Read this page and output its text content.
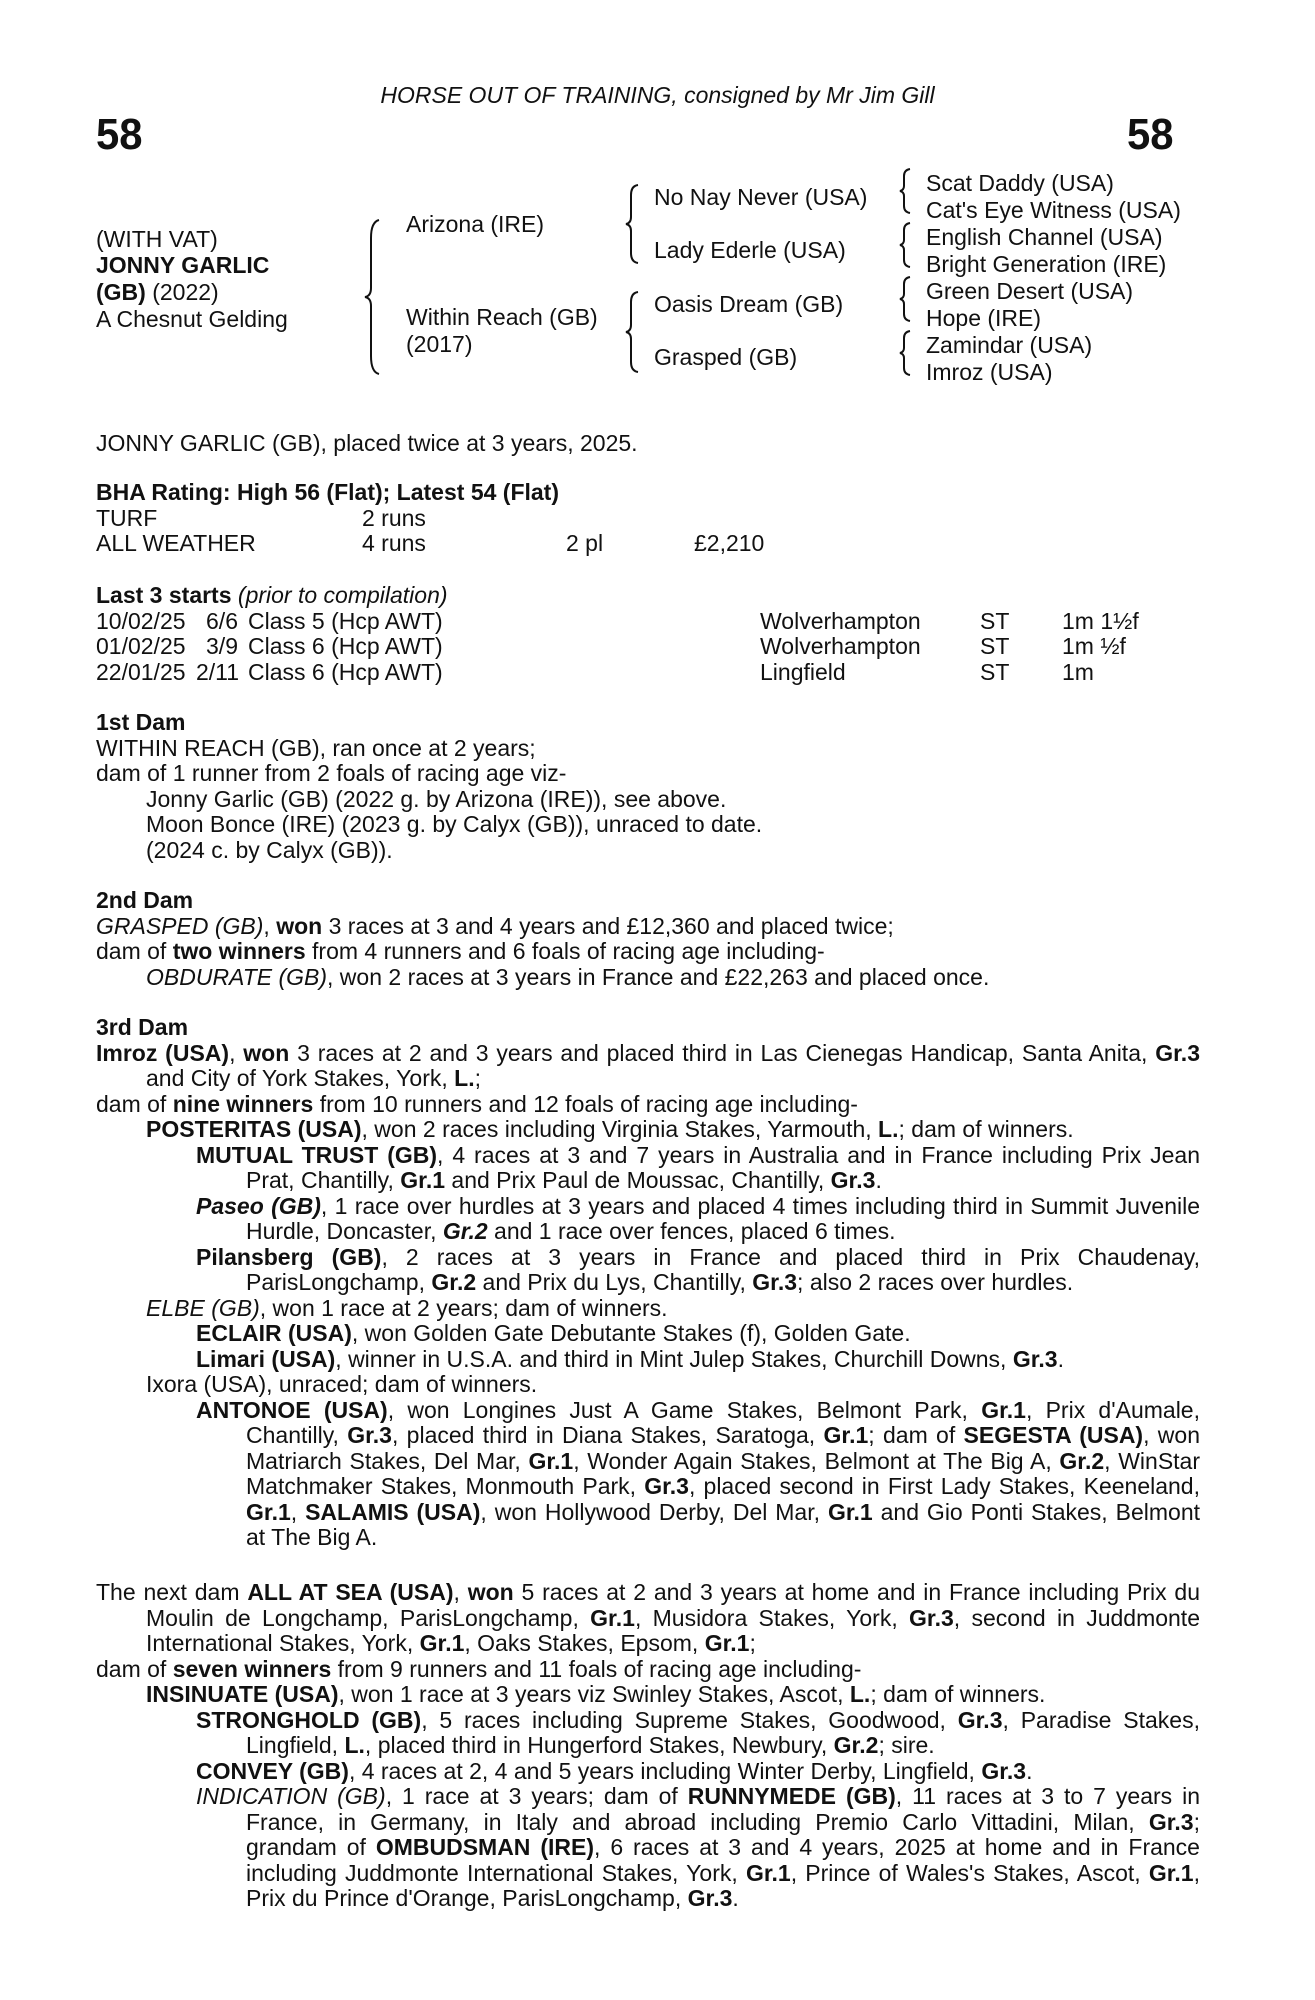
HORSE OUT OF TRAINING, consigned by Mr Jim Gill
58	58
(WITH VAT)
JONNY GARLIC
(GB) (2022)
A Chesnut Gelding
Arizona (IRE)
Within Reach (GB)
(2017)
No Nay Never (USA)
Lady Ederle (USA)
Oasis Dream (GB)
Grasped (GB)
Scat Daddy (USA)
Cat's Eye Witness (USA)
English Channel (USA)
Bright Generation (IRE)
Green Desert (USA)
Hope (IRE)
Zamindar (USA)
Imroz (USA)
JONNY GARLIC (GB), placed twice at 3 years, 2025.
BHA Rating: High 56 (Flat); Latest 54 (Flat)
TURF	2 runs
ALL WEATHER	4 runs	2 pl	£2,210
Last 3 starts (prior to compilation)
10/02/25 6/6 Class 5 (Hcp AWT)	Wolverhampton	ST	1m 1½f
01/02/25 3/9 Class 6 (Hcp AWT)	Wolverhampton	ST	1m ½f
22/01/25 2/11 Class 6 (Hcp AWT)	Lingfield	ST	1m
1st Dam
WITHIN REACH (GB), ran once at 2 years;
dam of 1 runner from 2 foals of racing age viz-
Jonny Garlic (GB) (2022 g. by Arizona (IRE)), see above.
Moon Bonce (IRE) (2023 g. by Calyx (GB)), unraced to date.
(2024 c. by Calyx (GB)).
2nd Dam
GRASPED (GB), won 3 races at 3 and 4 years and £12,360 and placed twice;
dam of two winners from 4 runners and 6 foals of racing age including-
OBDURATE (GB), won 2 races at 3 years in France and £22,263 and placed once.
3rd Dam
Imroz (USA), won 3 races at 2 and 3 years and placed third in Las Cienegas Handicap, Santa Anita, Gr.3 and City of York Stakes, York, L.;
dam of nine winners from 10 runners and 12 foals of racing age including-
POSTERITAS (USA), won 2 races including Virginia Stakes, Yarmouth, L.; dam of winners.
MUTUAL TRUST (GB), 4 races at 3 and 7 years in Australia and in France including Prix Jean Prat, Chantilly, Gr.1 and Prix Paul de Moussac, Chantilly, Gr.3.
Paseo (GB), 1 race over hurdles at 3 years and placed 4 times including third in Summit Juvenile Hurdle, Doncaster, Gr.2 and 1 race over fences, placed 6 times.
Pilansberg (GB), 2 races at 3 years in France and placed third in Prix Chaudenay, ParisLongchamp, Gr.2 and Prix du Lys, Chantilly, Gr.3; also 2 races over hurdles.
ELBE (GB), won 1 race at 2 years; dam of winners.
ECLAIR (USA), won Golden Gate Debutante Stakes (f), Golden Gate.
Limari (USA), winner in U.S.A. and third in Mint Julep Stakes, Churchill Downs, Gr.3.
Ixora (USA), unraced; dam of winners.
ANTONOE (USA), won Longines Just A Game Stakes, Belmont Park, Gr.1, Prix d'Aumale, Chantilly, Gr.3, placed third in Diana Stakes, Saratoga, Gr.1; dam of SEGESTA (USA), won Matriarch Stakes, Del Mar, Gr.1, Wonder Again Stakes, Belmont at The Big A, Gr.2, WinStar Matchmaker Stakes, Monmouth Park, Gr.3, placed second in First Lady Stakes, Keeneland, Gr.1, SALAMIS (USA), won Hollywood Derby, Del Mar, Gr.1 and Gio Ponti Stakes, Belmont at The Big A.
The next dam ALL AT SEA (USA), won 5 races at 2 and 3 years at home and in France including Prix du Moulin de Longchamp, ParisLongchamp, Gr.1, Musidora Stakes, York, Gr.3, second in Juddmonte International Stakes, York, Gr.1, Oaks Stakes, Epsom, Gr.1;
dam of seven winners from 9 runners and 11 foals of racing age including-
INSINUATE (USA), won 1 race at 3 years viz Swinley Stakes, Ascot, L.; dam of winners.
STRONGHOLD (GB), 5 races including Supreme Stakes, Goodwood, Gr.3, Paradise Stakes, Lingfield, L., placed third in Hungerford Stakes, Newbury, Gr.2; sire.
CONVEY (GB), 4 races at 2, 4 and 5 years including Winter Derby, Lingfield, Gr.3.
INDICATION (GB), 1 race at 3 years; dam of RUNNYMEDE (GB), 11 races at 3 to 7 years in France, in Germany, in Italy and abroad including Premio Carlo Vittadini, Milan, Gr.3; grandam of OMBUDSMAN (IRE), 6 races at 3 and 4 years, 2025 at home and in France including Juddmonte International Stakes, York, Gr.1, Prince of Wales's Stakes, Ascot, Gr.1, Prix du Prince d'Orange, ParisLongchamp, Gr.3.
